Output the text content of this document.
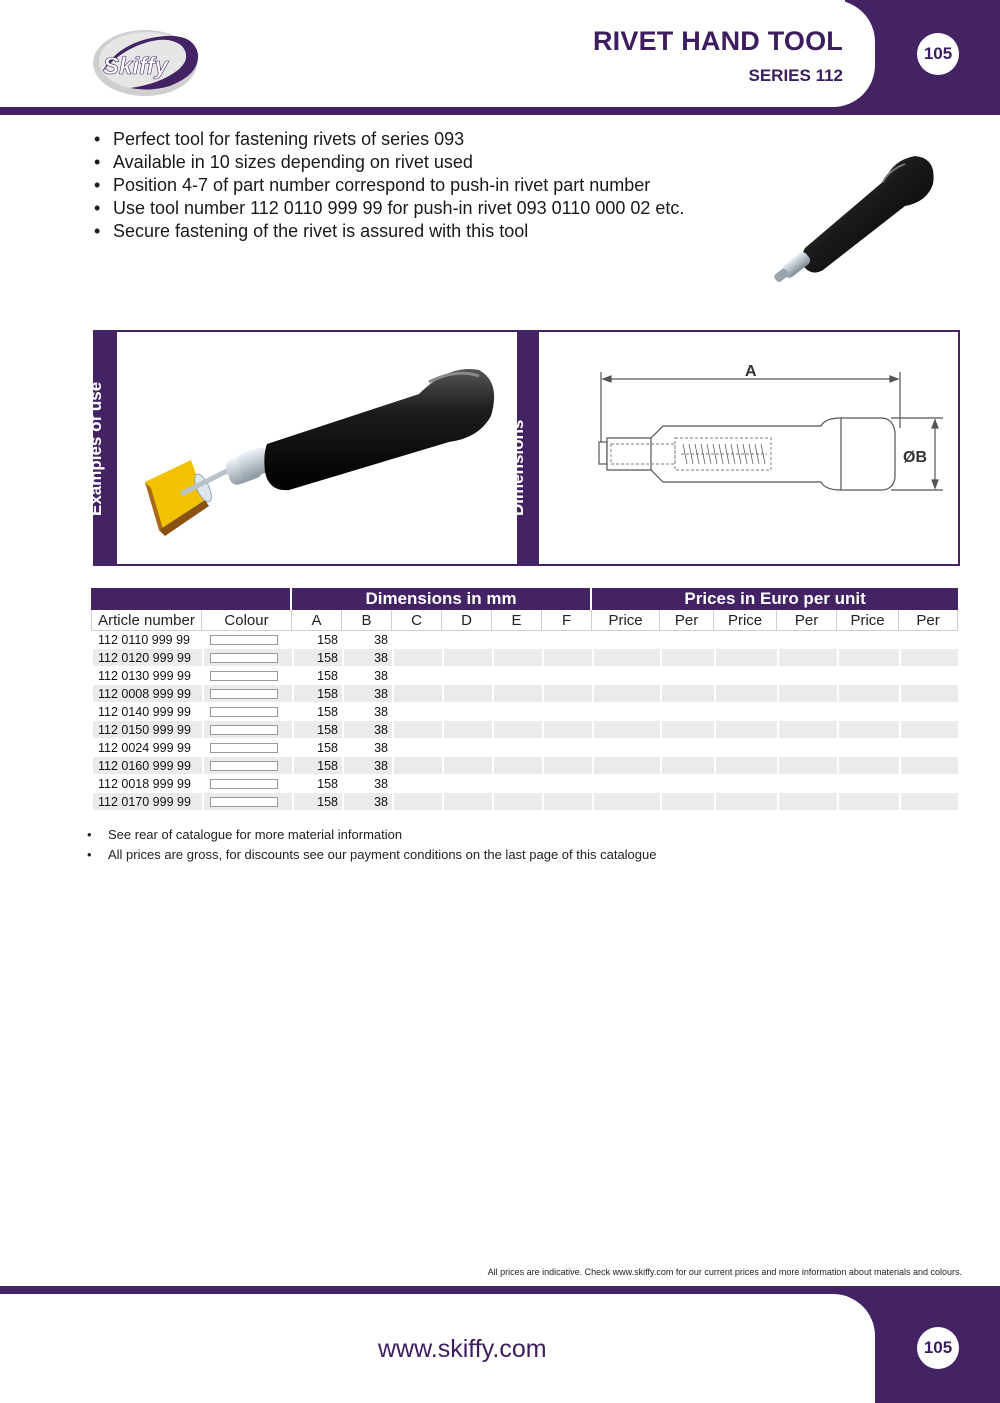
Skiffy
RIVET HAND TOOL
SERIES 112
105
• Perfect tool for fastening rivets of series 093
• Available in 10 sizes depending on rivet used
• Position 4-7 of part number correspond to push-in rivet part number
• Use tool number 112 0110 999 99 for push-in rivet 093 0110 000 02 etc.
• Secure fastening of the rivet is assured with this tool
Examples of use	Dimensions
A
ØB
		Dimensions in mm						Prices in Euro per unit					
Article number	Colour	A	B	C	D	E	F	Price	Per	Price	Per	Price	Per
112 0110 999 99		158	38										
112 0120 999 99		158	38										
112 0130 999 99		158	38										
112 0008 999 99		158	38										
112 0140 999 99		158	38										
112 0150 999 99		158	38										
112 0024 999 99		158	38										
112 0160 999 99		158	38										
112 0018 999 99		158	38										
112 0170 999 99		158	38										
• See rear of catalogue for more material information
• All prices are gross, for discounts see our payment conditions on the last page of this catalogue
All prices are indicative. Check www.skiffy.com for our current prices and more information about materials and colours.
www.skiffy.com	105
